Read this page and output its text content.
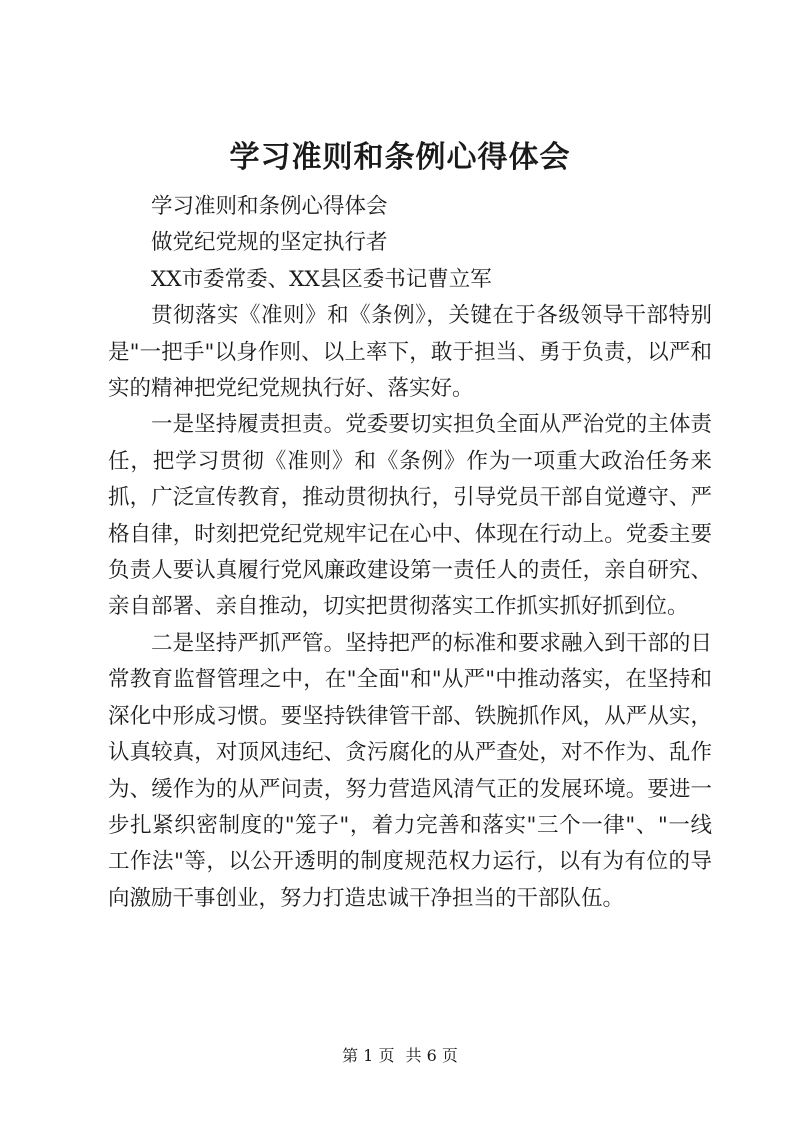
学习准则和条例心得体会

学习准则和条例心得体会

做党纪党规的坚定执行者

XX市委常委、XX县区委书记曹立军

贯彻落实《准则》和《条例》，关键在于各级领导干部特别是"一把手"以身作则、以上率下，敢于担当、勇于负责，以严和实的精神把党纪党规执行好、落实好。

一是坚持履责担责。党委要切实担负全面从严治党的主体责任，把学习贯彻《准则》和《条例》作为一项重大政治任务来抓，广泛宣传教育，推动贯彻执行，引导党员干部自觉遵守、严格自律，时刻把党纪党规牢记在心中、体现在行动上。党委主要负责人要认真履行党风廉政建设第一责任人的责任，亲自研究、亲自部署、亲自推动，切实把贯彻落实工作抓实抓好抓到位。

二是坚持严抓严管。坚持把严的标准和要求融入到干部的日常教育监督管理之中，在"全面"和"从严"中推动落实，在坚持和深化中形成习惯。要坚持铁律管干部、铁腕抓作风，从严从实，认真较真，对顶风违纪、贪污腐化的从严查处，对不作为、乱作为、缓作为的从严问责，努力营造风清气正的发展环境。要进一步扎紧织密制度的"笼子"，着力完善和落实"三个一律"、"一线工作法"等，以公开透明的制度规范权力运行，以有为有位的导向激励干事创业，努力打造忠诚干净担当的干部队伍。

第 1 页 共 6 页
